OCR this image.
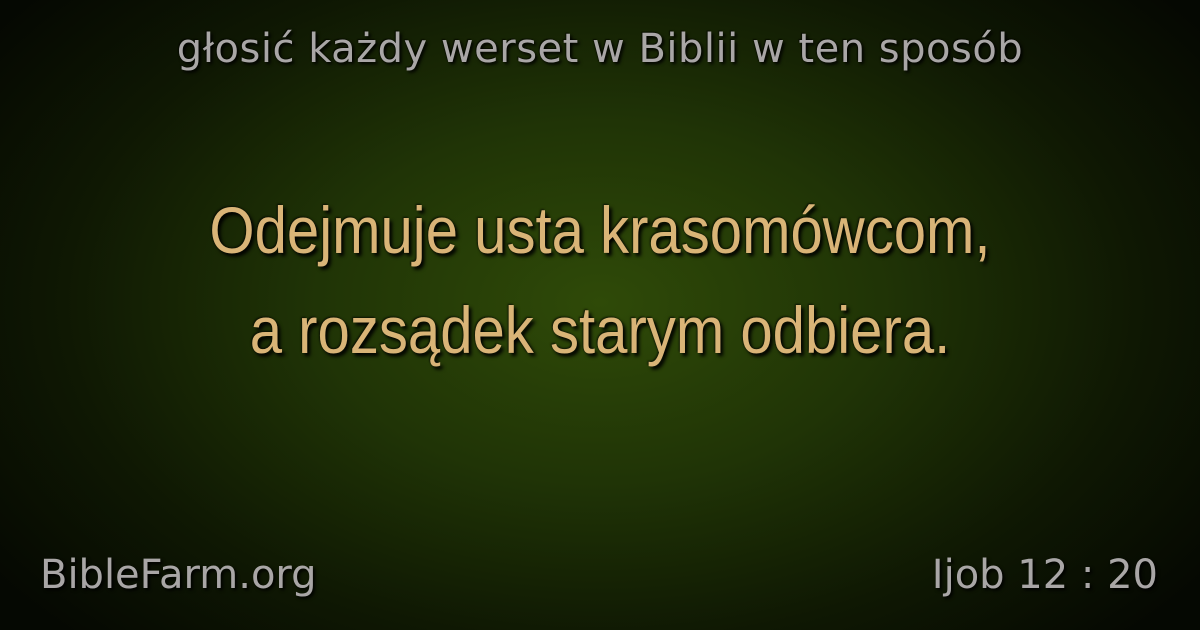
głosić każdy werset w Biblii w ten sposób
Odejmuje usta krasomówcom,
a rozsądek starym odbiera.
BibleFarm.org	Ijob 12 : 20
